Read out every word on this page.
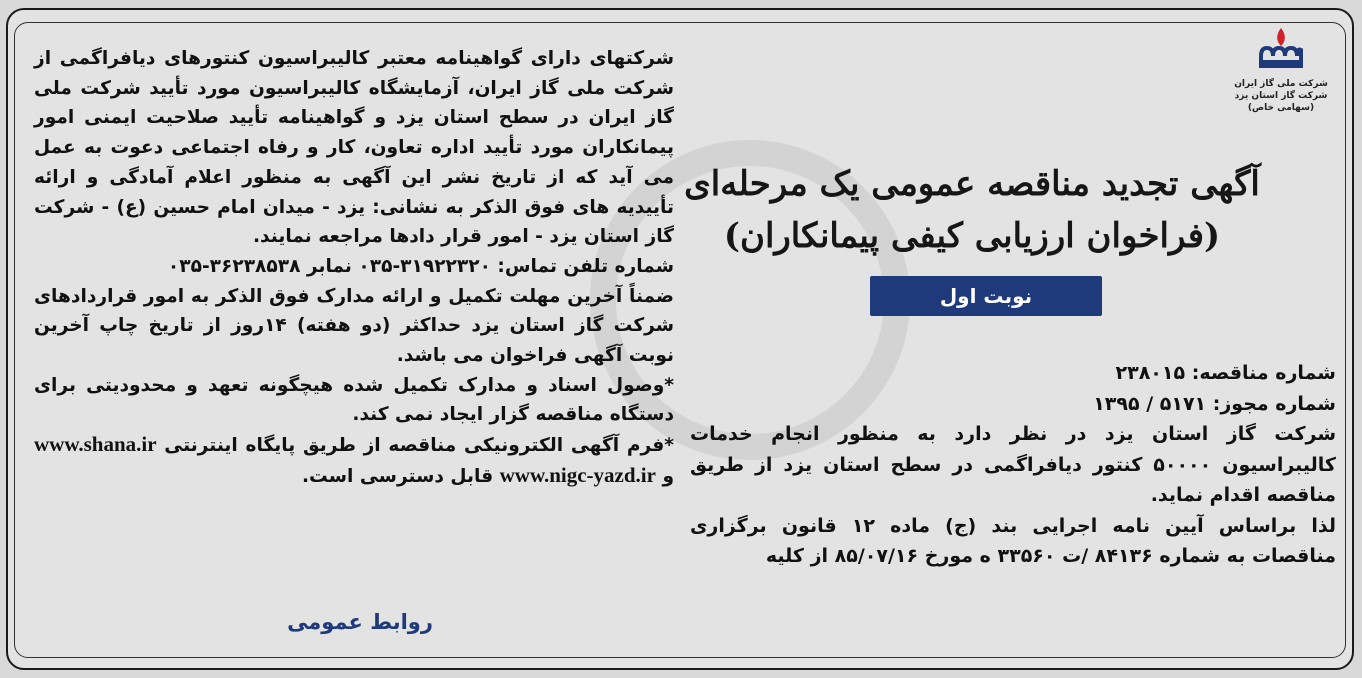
شرکت ملی گاز ایران
شرکت گاز استان یزد
(سهامی خاص)
آگهی تجدید مناقصه عمومی یک مرحله‌ای
(فراخوان ارزیابی کیفی پیمانکاران)
نوبت اول

شماره مناقصه: ۲۳۸۰۱۵

شماره مجوز: ۵۱۷۱ / ۱۳۹۵

شرکت گاز استان یزد در نظر دارد به منظور انجام خدمات کالیبراسیون ۵۰۰۰۰ کنتور دیافراگمی در سطح استان یزد از طریق مناقصه اقدام نماید.

لذا براساس آیین نامه اجرایی بند (ج) ماده ۱۲ قانون برگزاری مناقصات به شماره ۸۴۱۳۶ /ت ۳۳۵۶۰ ه مورخ ۸۵/۰۷/۱۶ از کلیه

شرکتهای دارای گواهینامه معتبر کالیبراسیون کنتورهای دیافراگمی از شرکت ملی گاز ایران، آزمایشگاه کالیبراسیون مورد تأیید شرکت ملی گاز ایران در سطح استان یزد و گواهینامه تأیید صلاحیت ایمنی امور پیمانکاران مورد تأیید اداره تعاون، کار و رفاه اجتماعی دعوت به عمل می آید که از تاریخ نشر این آگهی به منظور اعلام آمادگی و ارائه تأییدیه های فوق الذکر به نشانی: یزد - میدان امام حسین (ع) - شرکت گاز استان یزد - امور قرار دادها مراجعه نمایند.

شماره تلفن تماس: ۳۱۹۲۲۳۲۰-۰۳۵ نمابر ۳۶۲۳۸۵۳۸-۰۳۵

ضمناً آخرین مهلت تکمیل و ارائه مدارک فوق الذکر به امور قراردادهای شرکت گاز استان یزد حداکثر (دو هفته) ۱۴روز از تاریخ چاپ آخرین نوبت آگهی فراخوان می باشد.

*وصول اسناد و مدارک تکمیل شده هیچگونه تعهد و محدودیتی برای دستگاه مناقصه گزار ایجاد نمی کند.

*فرم آگهی الکترونیکی مناقصه از طریق پایگاه اینترنتی www.shana.ir و www.nigc-yazd.ir قابل دسترسی است.

روابط عمومی
